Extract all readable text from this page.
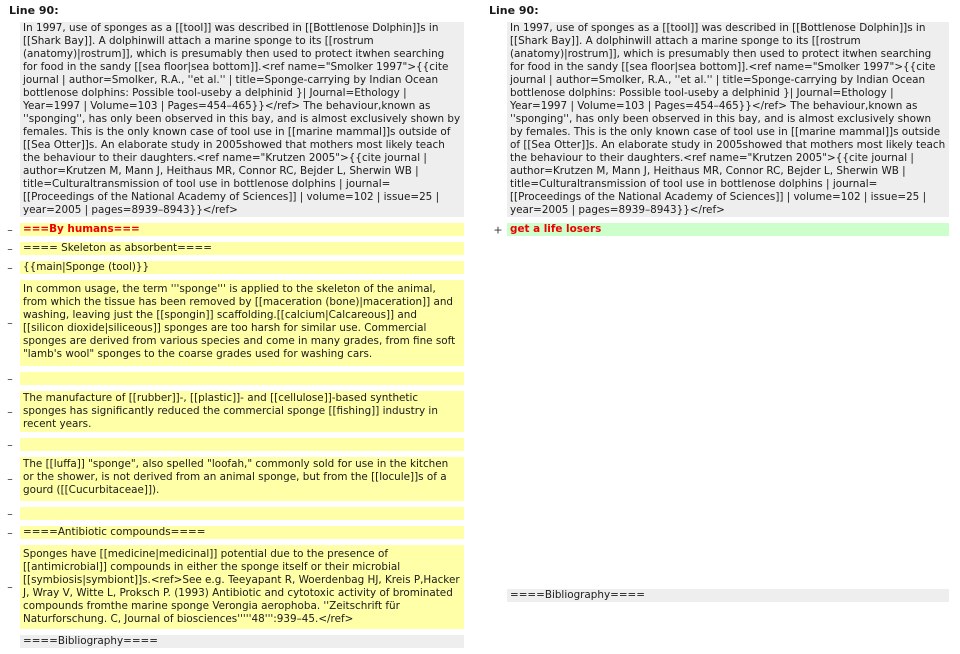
Line 90:
In 1997, use of sponges as a [[tool]] was described in [[Bottlenose Dolphin]]s in [[Shark Bay]]. A dolphinwill attach a marine sponge to its [[rostrum (anatomy)|rostrum]], which is presumably then used to protect itwhen searching for food in the sandy [[sea floor|sea bottom]].<ref name="Smolker 1997">{{cite journal | author=Smolker, R.A., ''et al.'' | title=Sponge-carrying by Indian Ocean bottlenose dolphins: Possible tool-useby a delphinid }| Journal=Ethology | Year=1997 | Volume=103 | Pages=454–465}}</ref> The behaviour,known as ''sponging'', has only been observed in this bay, and is almost exclusively shown by females. This is the only known case of tool use in [[marine mammal]]s outside of [[Sea Otter]]s. An elaborate study in 2005showed that mothers most likely teach the behaviour to their daughters.<ref name="Krutzen 2005">{{cite journal | author=Krutzen M, Mann J, Heithaus MR, Connor RC, Bejder L, Sherwin WB | title=Culturaltransmission of tool use in bottlenose dolphins | journal=[[Proceedings of the National Academy of Sciences]] | volume=102 | issue=25 | year=2005 | pages=8939–8943}}</ref>
– ===By humans===
– ==== Skeleton as absorbent====
– {{main|Sponge (tool)}}
–
In common usage, the term '''sponge''' is applied to the skeleton of the animal, from which the tissue has been removed by [[maceration (bone)|maceration]] and washing, leaving just the [[spongin]] scaffolding.[[calcium|Calcareous]] and [[silicon dioxide|siliceous]] sponges are too harsh for similar use. Commercial sponges are derived from various species and come in many grades, from fine soft "lamb's wool" sponges to the coarse grades used for washing cars.
–
–
The manufacture of [[rubber]]-, [[plastic]]- and [[cellulose]]-based synthetic sponges has significantly reduced the commercial sponge [[fishing]] industry in recent years.
–
–
The [[luffa]] "sponge", also spelled "loofah," commonly sold for use in the kitchen or the shower, is not derived from an animal sponge, but from the [[locule]]s of a gourd ([[Cucurbitaceae]]).
–
– ====Antibiotic compounds====
–
Sponges have [[medicine|medicinal]] potential due to the presence of [[antimicrobial]] compounds in either the sponge itself or their microbial [[symbiosis|symbiont]]s.<ref>See e.g. Teeyapant R, Woerdenbag HJ, Kreis P,Hacker J, Wray V, Witte L, Proksch P. (1993) Antibiotic and cytotoxic activity of brominated compounds fromthe marine sponge Verongia aerophoba. ''Zeitschrift für Naturforschung. C, Journal of biosciences'''''48''':939–45.</ref>
====Bibliography====
Line 90:
In 1997, use of sponges as a [[tool]] was described in [[Bottlenose Dolphin]]s in [[Shark Bay]]. A dolphinwill attach a marine sponge to its [[rostrum (anatomy)|rostrum]], which is presumably then used to protect itwhen searching for food in the sandy [[sea floor|sea bottom]].<ref name="Smolker 1997">{{cite journal | author=Smolker, R.A., ''et al.'' | title=Sponge-carrying by Indian Ocean bottlenose dolphins: Possible tool-useby a delphinid }| Journal=Ethology | Year=1997 | Volume=103 | Pages=454–465}}</ref> The behaviour,known as ''sponging'', has only been observed in this bay, and is almost exclusively shown by females. This is the only known case of tool use in [[marine mammal]]s outside of [[Sea Otter]]s. An elaborate study in 2005showed that mothers most likely teach the behaviour to their daughters.<ref name="Krutzen 2005">{{cite journal | author=Krutzen M, Mann J, Heithaus MR, Connor RC, Bejder L, Sherwin WB | title=Culturaltransmission of tool use in bottlenose dolphins | journal=[[Proceedings of the National Academy of Sciences]] | volume=102 | issue=25 | year=2005 | pages=8939–8943}}</ref>
+ get a life losers
====Bibliography====
